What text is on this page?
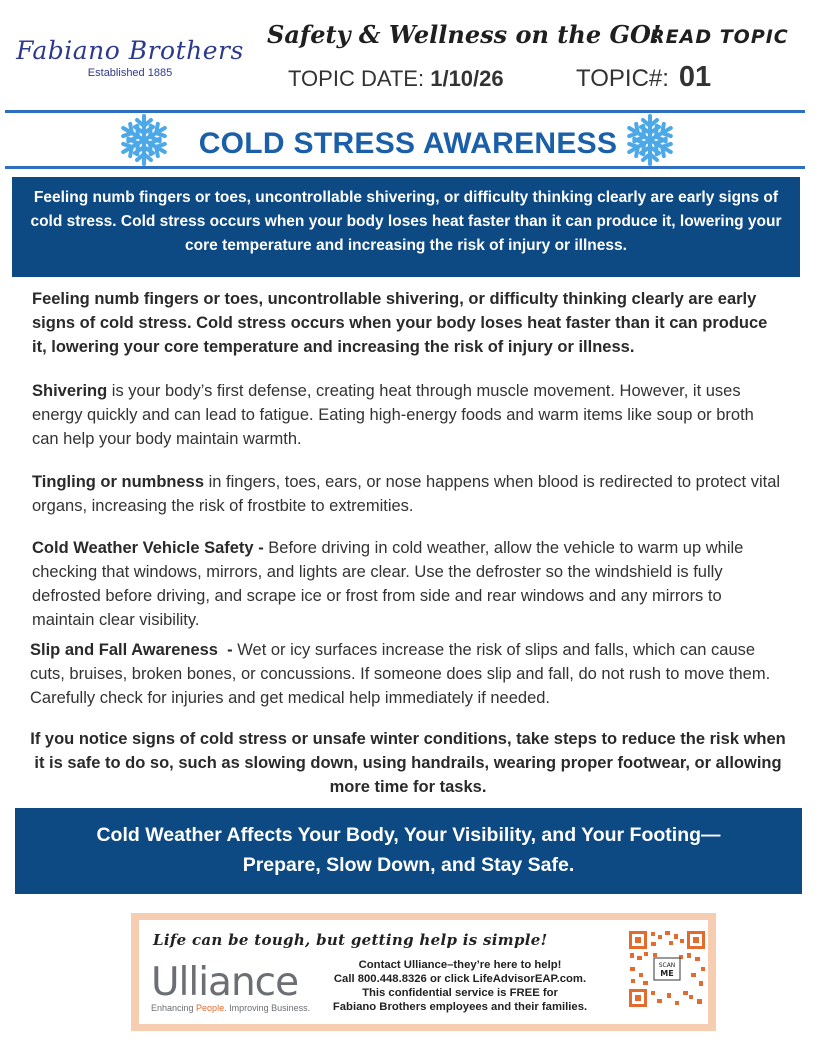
Fabiano Brothers
Established 1885
Safety & Wellness on the GO!
READ TOPIC
TOPIC DATE: 1/10/26	TOPIC#: 01
COLD STRESS AWARENESS
Feeling numb fingers or toes, uncontrollable shivering, or difficulty thinking clearly are early signs of cold stress. Cold stress occurs when your body loses heat faster than it can produce it, lowering your core temperature and increasing the risk of injury or illness.

Feeling numb fingers or toes, uncontrollable shivering, or difficulty thinking clearly are early signs of cold stress. Cold stress occurs when your body loses heat faster than it can produce it, lowering your core temperature and increasing the risk of injury or illness.

Shivering is your body’s first defense, creating heat through muscle movement. However, it uses energy quickly and can lead to fatigue. Eating high-energy foods and warm items like soup or broth can help your body maintain warmth.

Tingling or numbness in fingers, toes, ears, or nose happens when blood is redirected to protect vital organs, increasing the risk of frostbite to extremities.

Cold Weather Vehicle Safety - Before driving in cold weather, allow the vehicle to warm up while checking that windows, mirrors, and lights are clear. Use the defroster so the windshield is fully defrosted before driving, and scrape ice or frost from side and rear windows and any mirrors to maintain clear visibility.

Slip and Fall Awareness  - Wet or icy surfaces increase the risk of slips and falls, which can cause cuts, bruises, broken bones, or concussions. If someone does slip and fall, do not rush to move them. Carefully check for injuries and get medical help immediately if needed.

If you notice signs of cold stress or unsafe winter conditions, take steps to reduce the risk when it is safe to do so, such as slowing down, using handrails, wearing proper footwear, or allowing more time for tasks.

Cold Weather Affects Your Body, Your Visibility, and Your Footing—
Prepare, Slow Down, and Stay Safe.
Life can be tough, but getting help is simple!
Ulliance
Enhancing People. Improving Business.
Contact Ulliance–they’re here to help!
Call 800.448.8326 or click LifeAdvisorEAP.com.
This confidential service is FREE for
Fabiano Brothers employees and their families.
SCAN
ME
